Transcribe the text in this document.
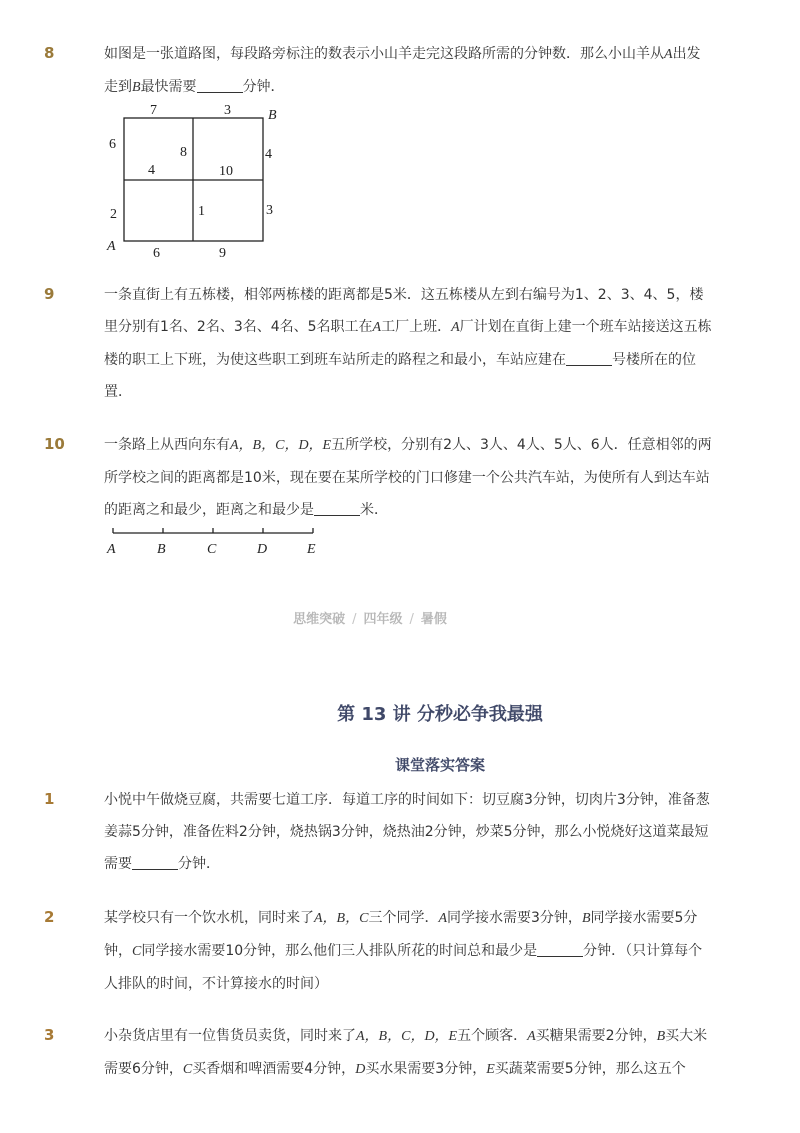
8	如图是一张道路图，每段路旁标注的数表示小山羊走完这段路所需的分钟数．那么小山羊从A出发
走到B最快需要	分钟．
7	3	B
6
8	4
4	10
2	1	3
A	6	9
9	一条直街上有五栋楼，相邻两栋楼的距离都是5米．这五栋楼从左到右编号为1、2、3、4、5，楼里分别有1名、2名、3名、4名、5名职工在A工厂上班．A厂计划在直街上建一个班车站接送这五栋楼的职工上下班，为使这些职工到班车站所走的路程之和最小，车站应建在	号楼所在的位置．
10	一条路上从西向东有A，B，C，D，E五所学校，分别有2人、3人、4人、5人、6人．任意相邻的两所学校之间的距离都是10米，现在要在某所学校的门口修建一个公共汽车站，为使所有人到达车站的距离之和最少，距离之和最少是	米．
A	B	C	D	E
思维突破 / 四年级 / 暑假
第 13 讲 分秒必争我最强
课堂落实答案
1	小悦中午做烧豆腐，共需要七道工序．每道工序的时间如下：切豆腐3分钟，切肉片3分钟，准备葱姜蒜5分钟，准备佐料2分钟，烧热锅3分钟，烧热油2分钟，炒菜5分钟，那么小悦烧好这道菜最短需要	分钟．
2	某学校只有一个饮水机，同时来了A，B，C三个同学．A同学接水需要3分钟，B同学接水需要5分钟，C同学接水需要10分钟，那么他们三人排队所花的时间总和最少是	分钟．（只计算每个人排队的时间，不计算接水的时间）
3	小杂货店里有一位售货员卖货，同时来了A，B，C，D，E五个顾客．A买糖果需要2分钟，B买大米需要6分钟，C买香烟和啤酒需要4分钟，D买水果需要3分钟，E买蔬菜需要5分钟，那么这五个
